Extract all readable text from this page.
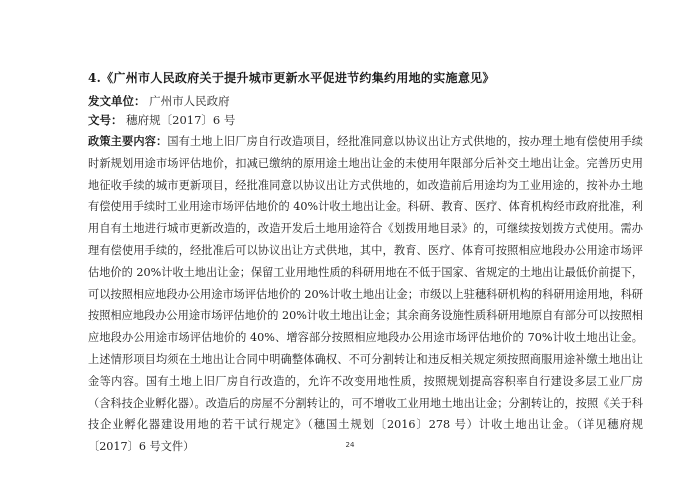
4.《广州市人民政府关于提升城市更新水平促进节约集约用地的实施意见》
发文单位： 广州市人民政府
文号： 穗府规〔2017〕6 号
政策主要内容：国有土地上旧厂房自行改造项目，经批准同意以协议出让方式供地的，按办理土地有偿使用手续时新规划用途市场评估地价，扣减已缴纳的原用途土地出让金的未使用年限部分后补交土地出让金。完善历史用地征收手续的城市更新项目，经批准同意以协议出让方式供地的，如改造前后用途均为工业用途的，按补办土地有偿使用手续时工业用途市场评估地价的 40%计收土地出让金。科研、教育、医疗、体育机构经市政府批准，利用自有土地进行城市更新改造的，改造开发后土地用途符合《划拨用地目录》的，可继续按划拨方式使用。需办理有偿使用手续的，经批准后可以协议出让方式供地，其中，教育、医疗、体育可按照相应地段办公用途市场评估地价的 20%计收土地出让金；保留工业用地性质的科研用地在不低于国家、省规定的土地出让最低价前提下，可以按照相应地段办公用途市场评估地价的 20%计收土地出让金；市级以上驻穗科研机构的科研用途用地，科研按照相应地段办公用途市场评估地价的 20%计收土地出让金；其余商务设施性质科研用地原自有部分可以按照相应地段办公用途市场评估地价的 40%、增容部分按照相应地段办公用途市场评估地价的 70%计收土地出让金。上述情形项目均须在土地出让合同中明确整体确权、不可分割转让和违反相关规定须按照商服用途补缴土地出让金等内容。国有土地上旧厂房自行改造的，允许不改变用地性质，按照规划提高容积率自行建设多层工业厂房（含科技企业孵化器）。改造后的房屋不分割转让的，可不增收工业用地土地出让金；分割转让的，按照《关于科技企业孵化器建设用地的若干试行规定》（穗国土规划〔2016〕278 号）计收土地出让金。（详见穗府规〔2017〕6 号文件）	24
